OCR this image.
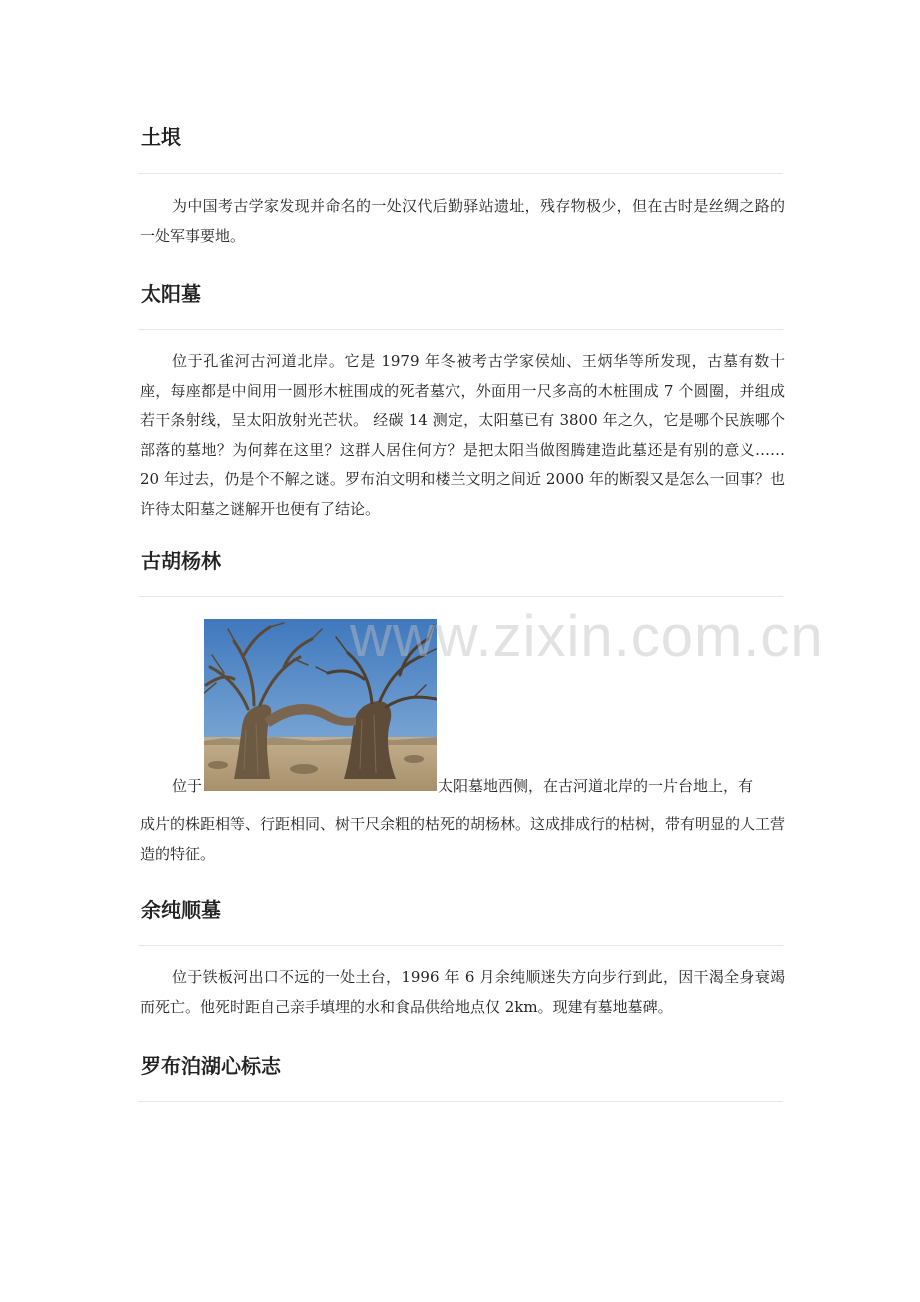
土垠

为中国考古学家发现并命名的一处汉代后勤驿站遗址，残存物极少，但在古时是丝绸之路的一处军事要地。

太阳墓

位于孔雀河古河道北岸。它是 1979 年冬被考古学家侯灿、王炳华等所发现，古墓有数十座，每座都是中间用一圆形木桩围成的死者墓穴，外面用一尺多高的木桩围成 7 个圆圈，并组成若干条射线，呈太阳放射光芒状。 经碳 14 测定，太阳墓已有 3800 年之久，它是哪个民族哪个部落的墓地？为何葬在这里？这群人居住何方？是把太阳当做图腾建造此墓还是有别的意义……20 年过去，仍是个不解之谜。罗布泊文明和楼兰文明之间近 2000 年的断裂又是怎么一回事？也许待太阳墓之谜解开也便有了结论。

古胡杨林
位于	太阳墓地西侧，在古河道北岸的一片台地上，有

成片的株距相等、行距相同、树干尺余粗的枯死的胡杨林。这成排成行的枯树，带有明显的人工营造的特征。

余纯顺墓

位于铁板河出口不远的一处土台，1996 年 6 月余纯顺迷失方向步行到此，因干渴全身衰竭而死亡。他死时距自己亲手填埋的水和食品供给地点仅 2km。现建有墓地墓碑。

罗布泊湖心标志
www.zixin.com.cn
